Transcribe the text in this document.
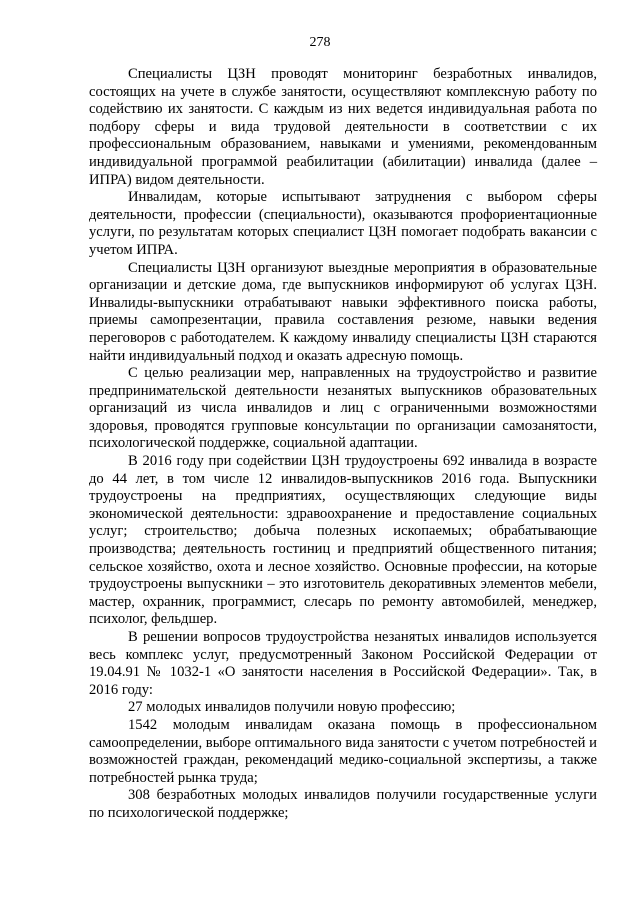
278

Специалисты ЦЗН проводят мониторинг безработных инвалидов, состоящих на учете в службе занятости, осуществляют комплексную работу по содействию их занятости. С каждым из них ведется индивидуальная работа по подбору сферы и вида трудовой деятельности в соответствии с их профессиональным образованием, навыками и умениями, рекомендованным индивидуальной программой реабилитации (абилитации) инвалида (далее – ИПРА) видом деятельности.

Инвалидам, которые испытывают затруднения с выбором сферы деятельности, профессии (специальности), оказываются профориентационные услуги, по результатам которых специалист ЦЗН помогает подобрать вакансии с учетом ИПРА.

Специалисты ЦЗН организуют выездные мероприятия в образовательные организации и детские дома, где выпускников информируют об услугах ЦЗН. Инвалиды-выпускники отрабатывают навыки эффективного поиска работы, приемы самопрезентации, правила составления резюме, навыки ведения переговоров с работодателем. К каждому инвалиду специалисты ЦЗН стараются найти индивидуальный подход и оказать адресную помощь.

С целью реализации мер, направленных на трудоустройство и развитие предпринимательской деятельности незанятых выпускников образовательных организаций из числа инвалидов и лиц с ограниченными возможностями здоровья, проводятся групповые консультации по организации самозанятости, психологической поддержке, социальной адаптации.

В 2016 году при содействии ЦЗН трудоустроены 692 инвалида в возрасте до 44 лет, в том числе 12 инвалидов-выпускников 2016 года. Выпускники трудоустроены на предприятиях, осуществляющих следующие виды экономической деятельности: здравоохранение и предоставление социальных услуг; строительство; добыча полезных ископаемых; обрабатывающие производства; деятельность гостиниц и предприятий общественного питания; сельское хозяйство, охота и лесное хозяйство. Основные профессии, на которые трудоустроены выпускники – это изготовитель декоративных элементов мебели, мастер, охранник, программист, слесарь по ремонту автомобилей, менеджер, психолог, фельдшер.

В решении вопросов трудоустройства незанятых инвалидов используется весь комплекс услуг, предусмотренный Законом Российской Федерации от 19.04.91 № 1032-1 «О занятости населения в Российской Федерации». Так, в 2016 году:

27 молодых инвалидов получили новую профессию;

1542 молодым инвалидам оказана помощь в профессиональном самоопределении, выборе оптимального вида занятости с учетом потребностей и возможностей граждан, рекомендаций медико-социальной экспертизы, а также потребностей рынка труда;

308 безработных молодых инвалидов получили государственные услуги по психологической поддержке;
